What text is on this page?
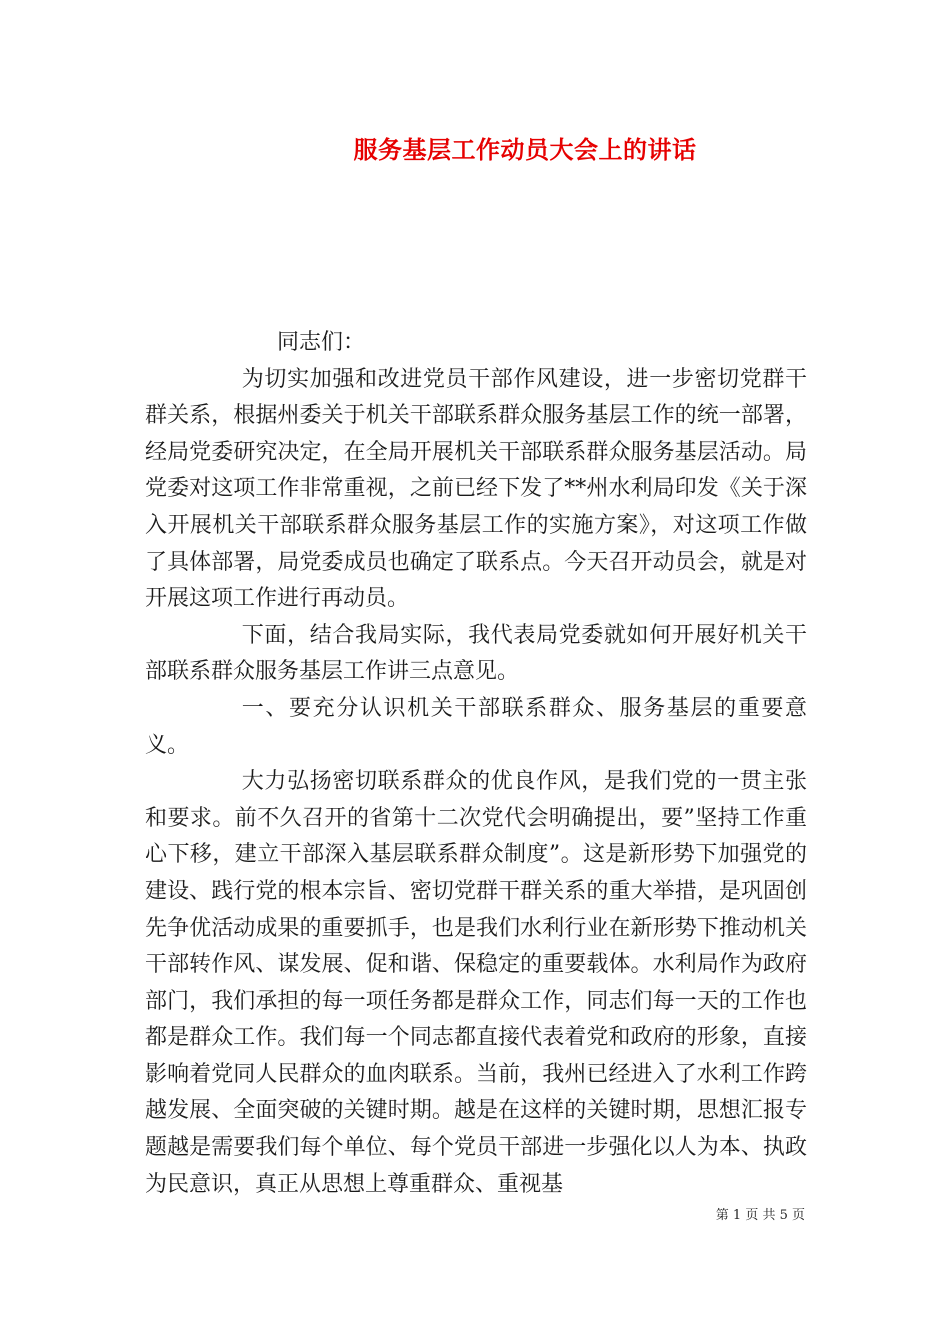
服务基层工作动员大会上的讲话

同志们：

为切实加强和改进党员干部作风建设，进一步密切党群干群关系，根据州委关于机关干部联系群众服务基层工作的统一部署，经局党委研究决定，在全局开展机关干部联系群众服务基层活动。局党委对这项工作非常重视，之前已经下发了**州水利局印发《关于深入开展机关干部联系群众服务基层工作的实施方案》，对这项工作做了具体部署，局党委成员也确定了联系点。今天召开动员会，就是对开展这项工作进行再动员。

下面，结合我局实际，我代表局党委就如何开展好机关干部联系群众服务基层工作讲三点意见。

一、要充分认识机关干部联系群众、服务基层的重要意义。

大力弘扬密切联系群众的优良作风，是我们党的一贯主张和要求。前不久召开的省第十二次党代会明确提出，要”坚持工作重心下移，建立干部深入基层联系群众制度”。这是新形势下加强党的建设、践行党的根本宗旨、密切党群干群关系的重大举措，是巩固创先争优活动成果的重要抓手，也是我们水利行业在新形势下推动机关干部转作风、谋发展、促和谐、保稳定的重要载体。水利局作为政府部门，我们承担的每一项任务都是群众工作，同志们每一天的工作也都是群众工作。我们每一个同志都直接代表着党和政府的形象，直接影响着党同人民群众的血肉联系。当前，我州已经进入了水利工作跨越发展、全面突破的关键时期。越是在这样的关键时期，思想汇报专题越是需要我们每个单位、每个党员干部进一步强化以人为本、执政为民意识，真正从思想上尊重群众、重视基

第 1 页 共 5 页
